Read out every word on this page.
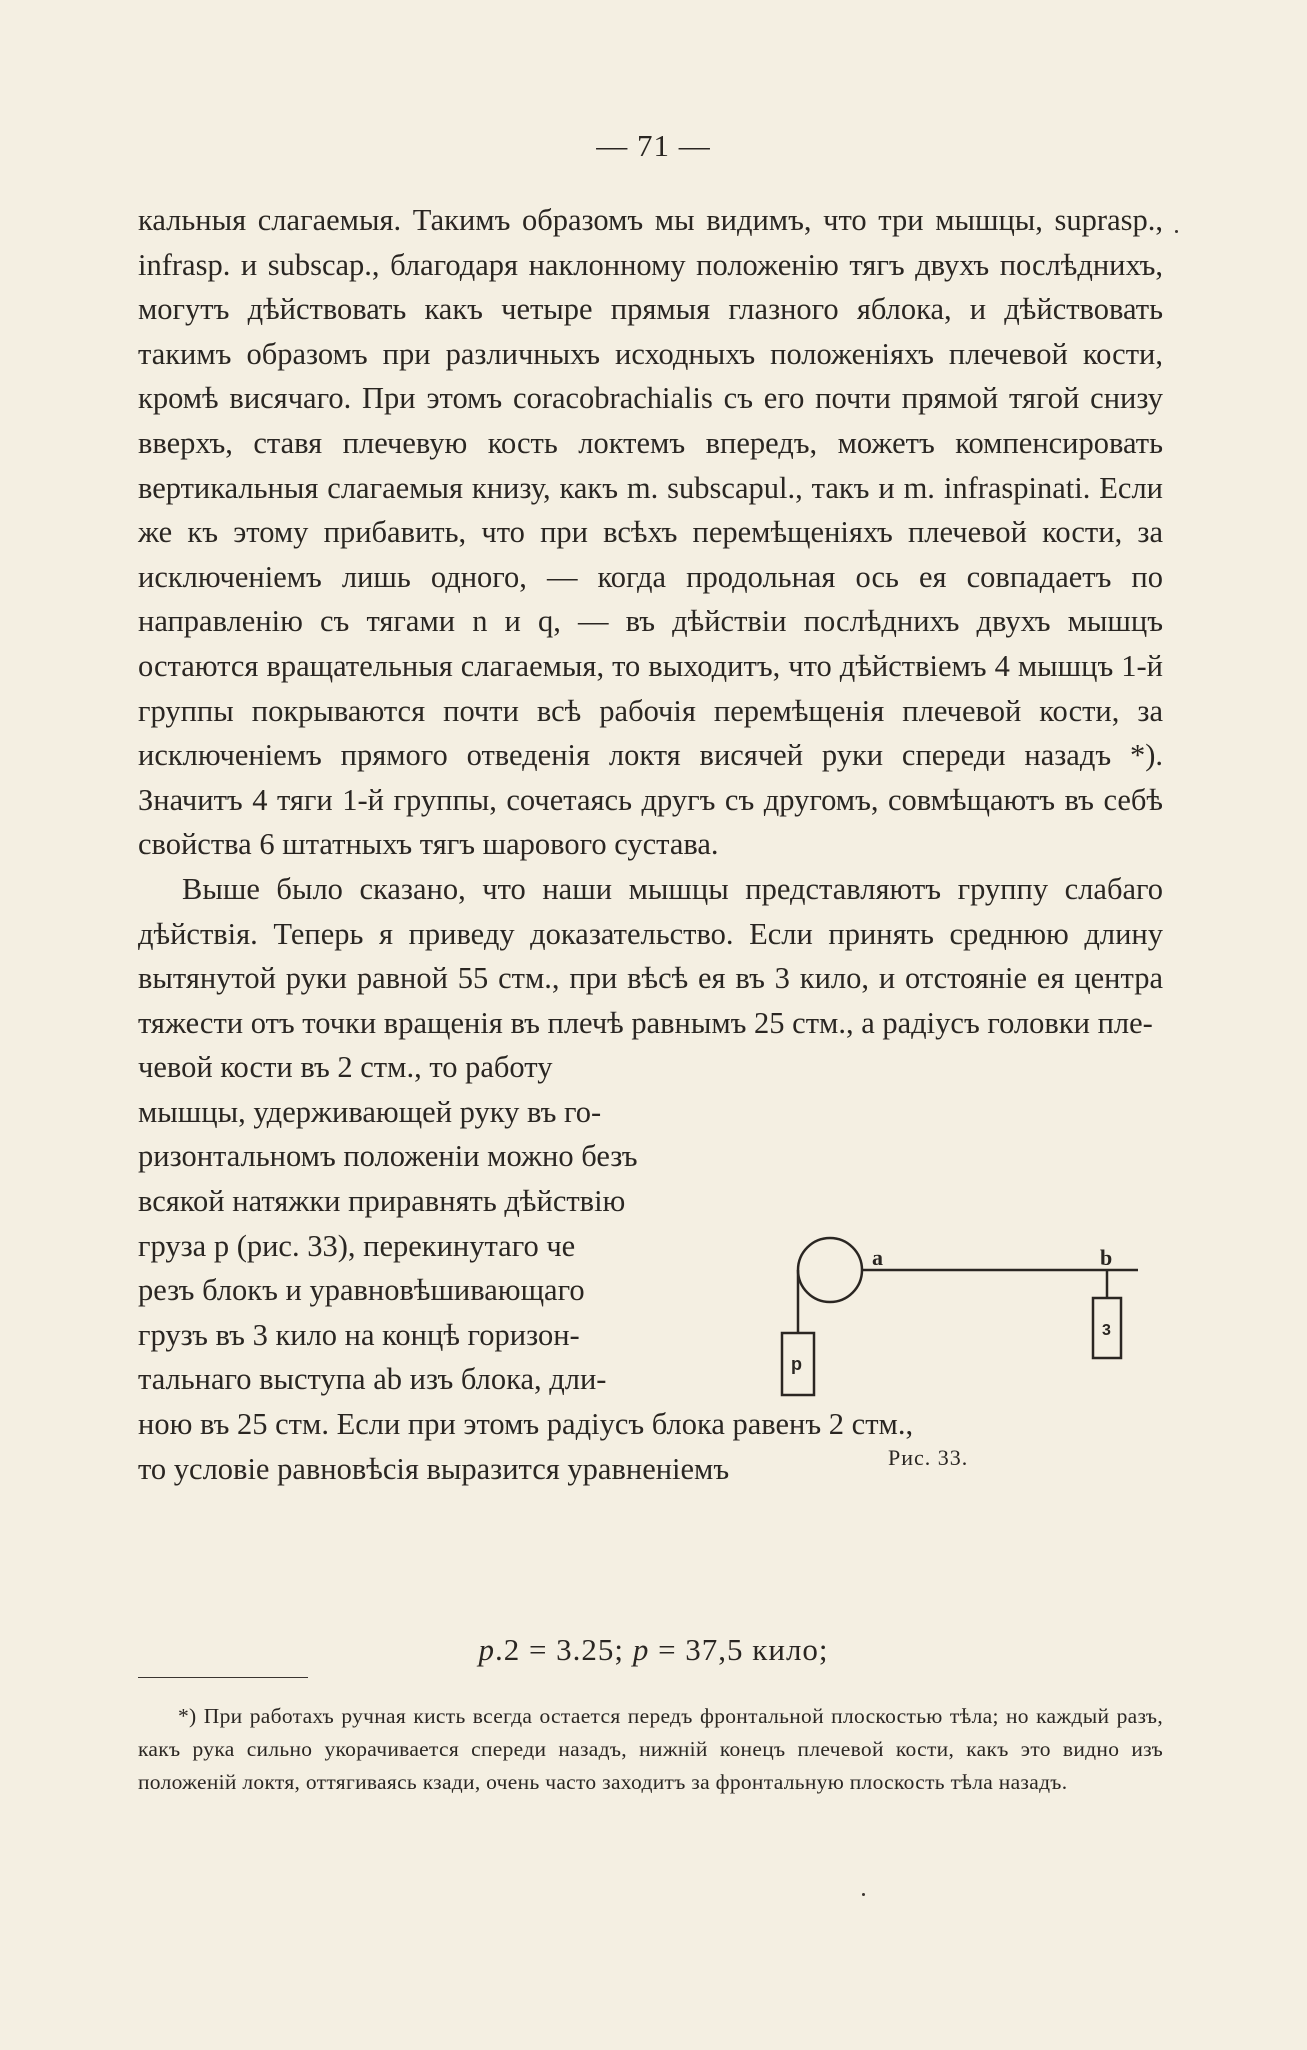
— 71 —

кальныя слагаемыя. Такимъ образомъ мы видимъ, что три мышцы, suprasp., infrasp. и subscap., благодаря наклонному положенію тягъ двухъ послѣднихъ, могутъ дѣйствовать какъ четыре прямыя глазного яблока, и дѣйствовать такимъ образомъ при различныхъ исходныхъ положеніяхъ плечевой кости, кромѣ висячаго. При этомъ coracobrachialis съ его почти прямой тягой снизу вверхъ, ставя плечевую кость локтемъ впередъ, можетъ компенсировать вертикальныя слагаемыя книзу, какъ m. subscapul., такъ и m. infraspinati. Если же къ этому прибавить, что при всѣхъ перемѣщеніяхъ плечевой кости, за исключеніемъ лишь одного, — когда продольная ось ея совпадаетъ по направленію съ тягами n и q, — въ дѣйствіи послѣднихъ двухъ мышцъ остаются вращательныя слагаемыя, то выходитъ, что дѣйствіемъ 4 мышцъ 1-й группы покрываются почти всѣ рабочія перемѣщенія плечевой кости, за исключеніемъ прямого отведенія локтя висячей руки спереди назадъ *). Значитъ 4 тяги 1-й группы, сочетаясь другъ съ другомъ, совмѣщаютъ въ себѣ свойства 6 штатныхъ тягъ шарового сустава.

Выше было сказано, что наши мышцы представляютъ группу слабаго дѣйствія. Теперь я приведу доказательство. Если принять среднюю длину вытянутой руки равной 55 стм., при вѣсѣ ея въ 3 кило, и отстояніе ея центра тяжести отъ точки вращенія въ плечѣ равнымъ 25 стм., а радіусъ головки пле-

чевой кости въ 2 стм., то работу
мышцы, удерживающей руку въ го-
ризонтальномъ положеніи можно безъ
всякой натяжки приравнять дѣйствію
груза p (рис. 33), перекинутаго че
резъ блокъ и уравновѣшивающаго
грузъ въ 3 кило на концѣ горизон-
тальнаго выступа ab изъ блока, дли-
ною въ 25 стм. Если при этомъ радіусъ блока равенъ 2 стм.,
то условіе равновѣсія выразится уравненіемъ
a	b
3
p
Рис. 33.
p.2 = 3.25; p = 37,5 кило;

*) При работахъ ручная кисть всегда остается передъ фронтальной плоскостью тѣла; но каждый разъ, какъ рука сильно укорачивается спереди назадъ, нижній конецъ плечевой кости, какъ это видно изъ положеній локтя, оттягиваясь кзади, очень часто заходитъ за фронтальную плоскость тѣла назадъ.
